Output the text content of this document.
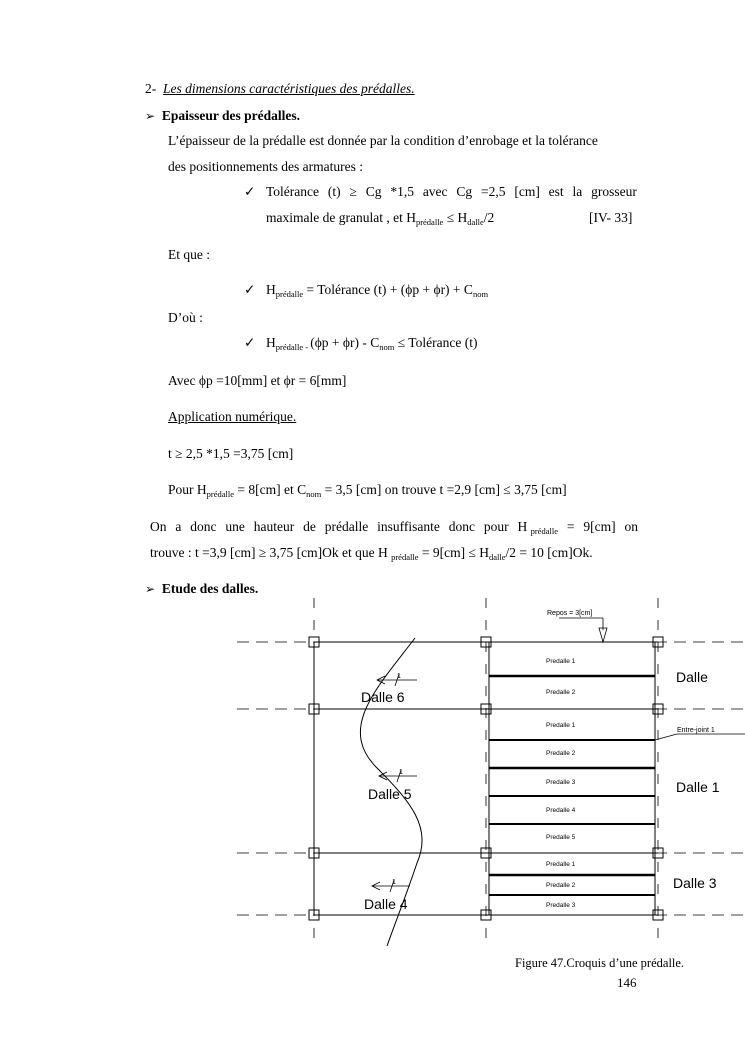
2- Les dimensions caractéristiques des prédalles.
➢ Epaisseur des prédalles.
L’épaisseur de la prédalle est donnée par la condition d’enrobage et la tolérance
des positionnements des armatures :
✓ Tolérance (t) ≥ Cg *1,5 avec Cg =2,5 [cm] est la grosseur
maximale de granulat , et $H_{prédalle} \le H_{dalle}/2$	[IV- 33]
Et que :
✓ $H_{prédalle}$ = Tolérance $(t) + (\phi p + \phi r) + C_{nom}$
D’où :
✓ $H_{prédalle -}$ $(\phi p + \phi r) - C_{nom}$ ≤ Tolérance (t)
Avec ϕp =10[mm] et ϕr = 6[mm]
Application numérique.
t ≥ 2,5 *1,5 =3,75 [cm]
Pour $H_{prédalle} = 8[cm]$ et $C_{nom} = 3,5$ [cm] on trouve t =2,9 [cm] ≤ 3,75 [cm]
On a donc une hauteur de prédalle insuffisante donc pour H $_{prédalle}$ = 9[cm] on
trouve : t =3,9 [cm] ≥ 3,75 [cm]Ok et que H $_{prédalle} = 9[cm] \le H_{dalle}/2 = 10$ [cm]Ok.
➢ Etude des dalles.
Repos = 3[cm]
Entre-joint 1
Dalle 6
Dalle 5
Dalle 4
Dalle
Dalle 1
Dalle 3
1
1
1
Predalle 1
Predalle 2
Predalle 1
Predalle 2
Predalle 3
Predalle 4
Predalle 5
Predalle 1
Predalle 2
Predalle 3
Figure 47.Croquis d’une prédalle.
146
